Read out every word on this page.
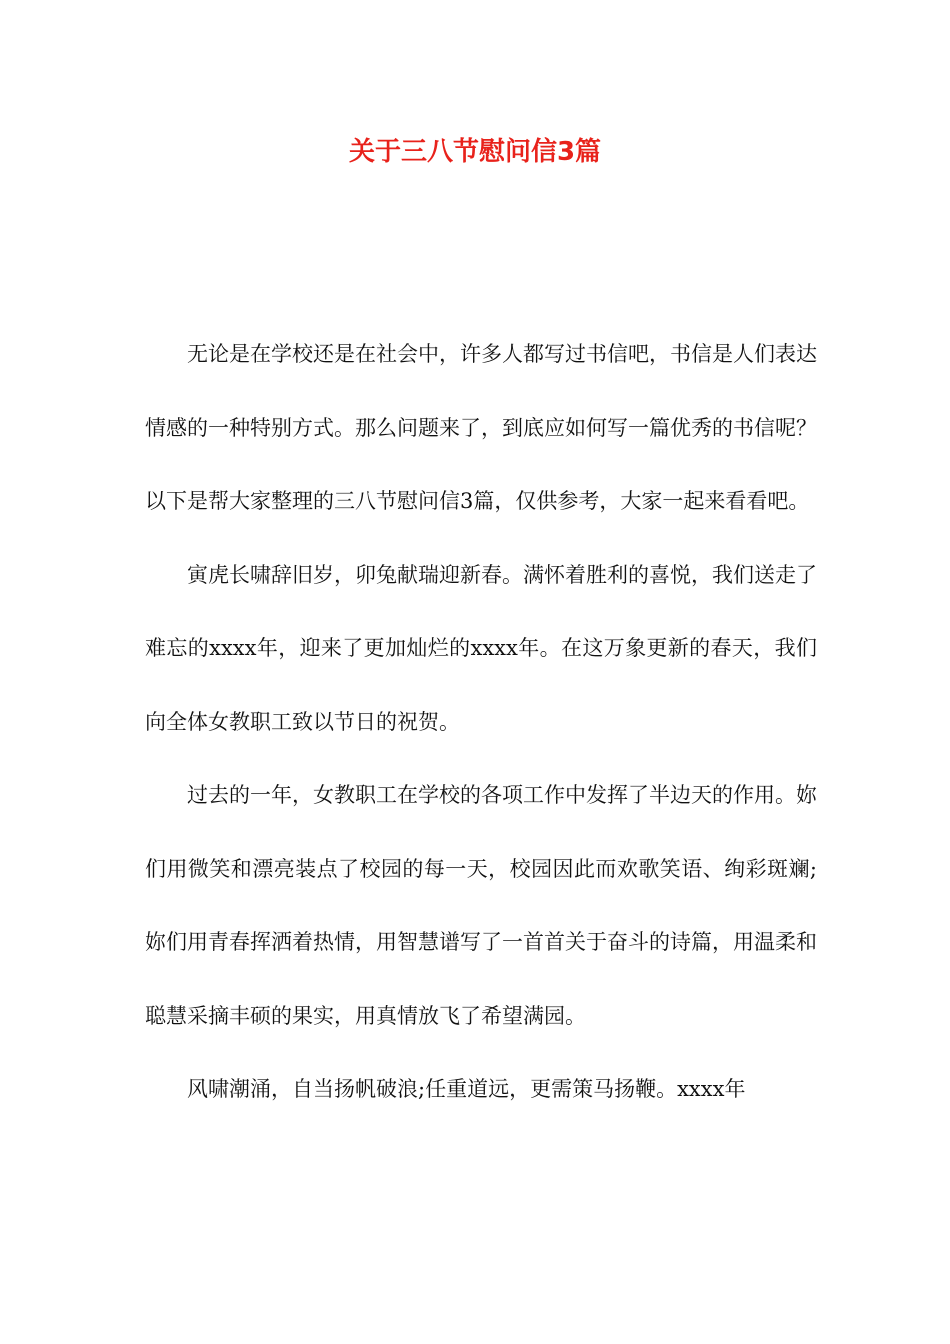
关于三八节慰问信3篇

无论是在学校还是在社会中，许多人都写过书信吧，书信是人们表达情感的一种特别方式。那么问题来了，到底应如何写一篇优秀的书信呢？以下是帮大家整理的三八节慰问信3篇，仅供参考，大家一起来看看吧。

寅虎长啸辞旧岁，卯兔献瑞迎新春。满怀着胜利的喜悦，我们送走了难忘的xxxx年，迎来了更加灿烂的xxxx年。在这万象更新的春天，我们向全体女教职工致以节日的祝贺。

过去的一年，女教职工在学校的各项工作中发挥了半边天的作用。妳们用微笑和漂亮装点了校园的每一天，校园因此而欢歌笑语、绚彩斑斓;妳们用青春挥洒着热情，用智慧谱写了一首首关于奋斗的诗篇，用温柔和聪慧采摘丰硕的果实，用真情放飞了希望满园。

风啸潮涌，自当扬帆破浪;任重道远，更需策马扬鞭。xxxx年
